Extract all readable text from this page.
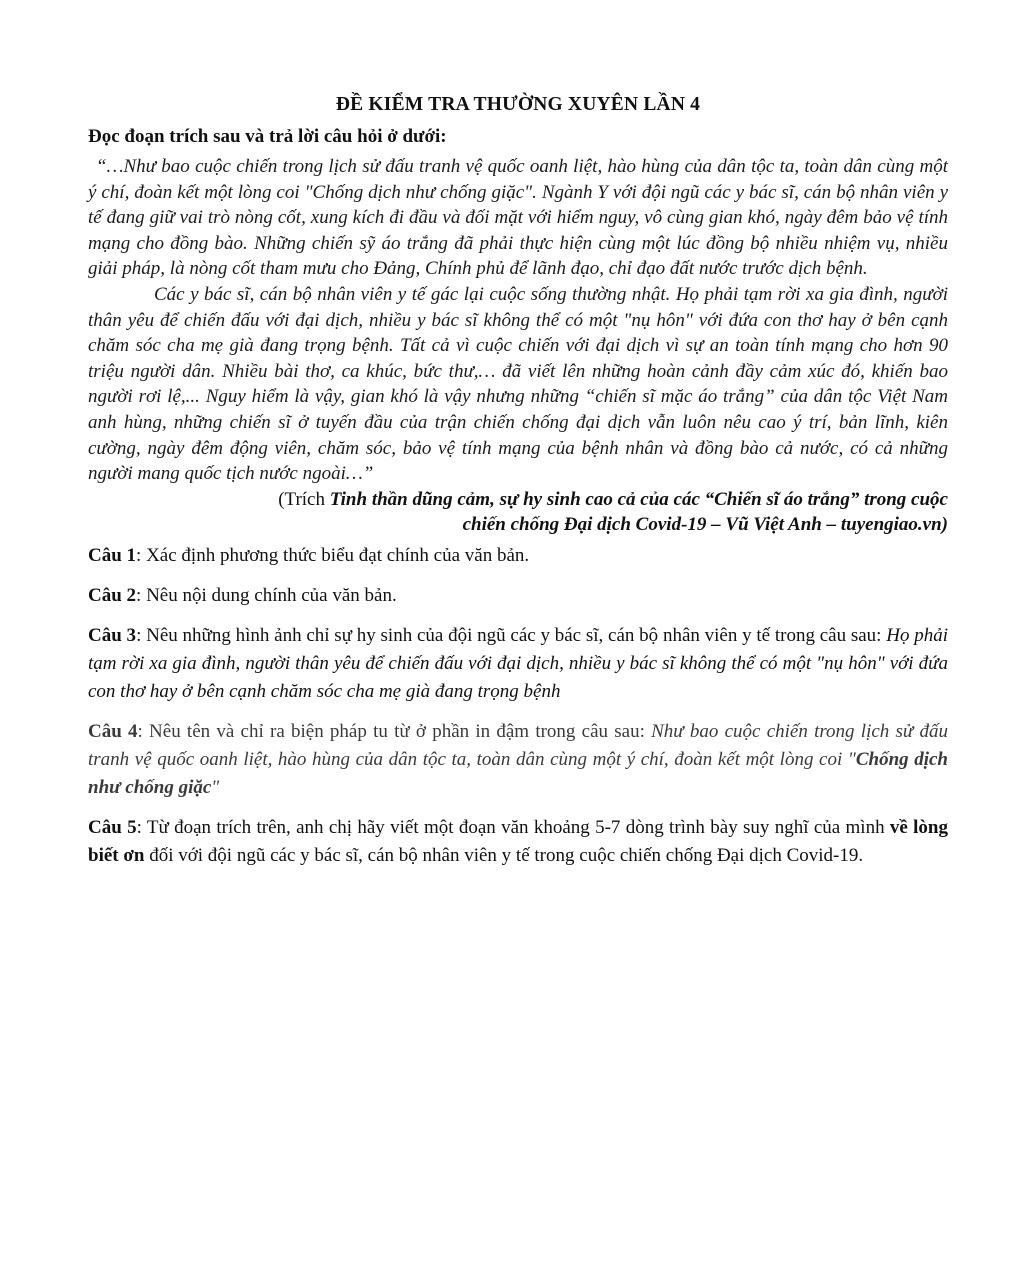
ĐỀ KIỂM TRA THƯỜNG XUYÊN LẦN 4

Đọc đoạn trích sau và trả lời câu hỏi ở dưới:

“…Như bao cuộc chiến trong lịch sử đấu tranh vệ quốc oanh liệt, hào hùng của dân tộc ta, toàn dân cùng một ý chí, đoàn kết một lòng coi "Chống dịch như chống giặc". Ngành Y với đội ngũ các y bác sĩ, cán bộ nhân viên y tế đang giữ vai trò nòng cốt, xung kích đi đầu và đối mặt với hiểm nguy, vô cùng gian khó, ngày đêm bảo vệ tính mạng cho đồng bào. Những chiến sỹ áo trắng đã phải thực hiện cùng một lúc đồng bộ nhiều nhiệm vụ, nhiều giải pháp, là nòng cốt tham mưu cho Đảng, Chính phủ để lãnh đạo, chỉ đạo đất nước trước dịch bệnh.

Các y bác sĩ, cán bộ nhân viên y tế gác lại cuộc sống thường nhật. Họ phải tạm rời xa gia đình, người thân yêu để chiến đấu với đại dịch, nhiều y bác sĩ không thể có một "nụ hôn" với đứa con thơ hay ở bên cạnh chăm sóc cha mẹ già đang trọng bệnh. Tất cả vì cuộc chiến với đại dịch vì sự an toàn tính mạng cho hơn 90 triệu người dân. Nhiều bài thơ, ca khúc, bức thư,… đã viết lên những hoàn cảnh đầy cảm xúc đó, khiến bao người rơi lệ,... Nguy hiểm là vậy, gian khó là vậy nhưng những “chiến sĩ mặc áo trắng” của dân tộc Việt Nam anh hùng, những chiến sĩ ở tuyến đầu của trận chiến chống đại dịch vẫn luôn nêu cao ý trí, bản lĩnh, kiên cường, ngày đêm động viên, chăm sóc, bảo vệ tính mạng của bệnh nhân và đồng bào cả nước, có cả những người mang quốc tịch nước ngoài…”

(Trích Tinh thần dũng cảm, sự hy sinh cao cả của các “Chiến sĩ áo trắng” trong cuộc
chiến chống Đại dịch Covid-19 – Vũ Việt Anh – tuyengiao.vn)

Câu 1: Xác định phương thức biểu đạt chính của văn bản.

Câu 2: Nêu nội dung chính của văn bản.

Câu 3: Nêu những hình ảnh chỉ sự hy sinh của đội ngũ các y bác sĩ, cán bộ nhân viên y tế trong câu sau: Họ phải tạm rời xa gia đình, người thân yêu để chiến đấu với đại dịch, nhiều y bác sĩ không thể có một "nụ hôn" với đứa con thơ hay ở bên cạnh chăm sóc cha mẹ già đang trọng bệnh

Câu 4: Nêu tên và chỉ ra biện pháp tu từ ở phần in đậm trong câu sau: Như bao cuộc chiến trong lịch sử đấu tranh vệ quốc oanh liệt, hào hùng của dân tộc ta, toàn dân cùng một ý chí, đoàn kết một lòng coi "Chống dịch như chống giặc"

Câu 5: Từ đoạn trích trên, anh chị hãy viết một đoạn văn khoảng 5-7 dòng trình bày suy nghĩ của mình về lòng biết ơn đối với đội ngũ các y bác sĩ, cán bộ nhân viên y tế trong cuộc chiến chống Đại dịch Covid-19.
